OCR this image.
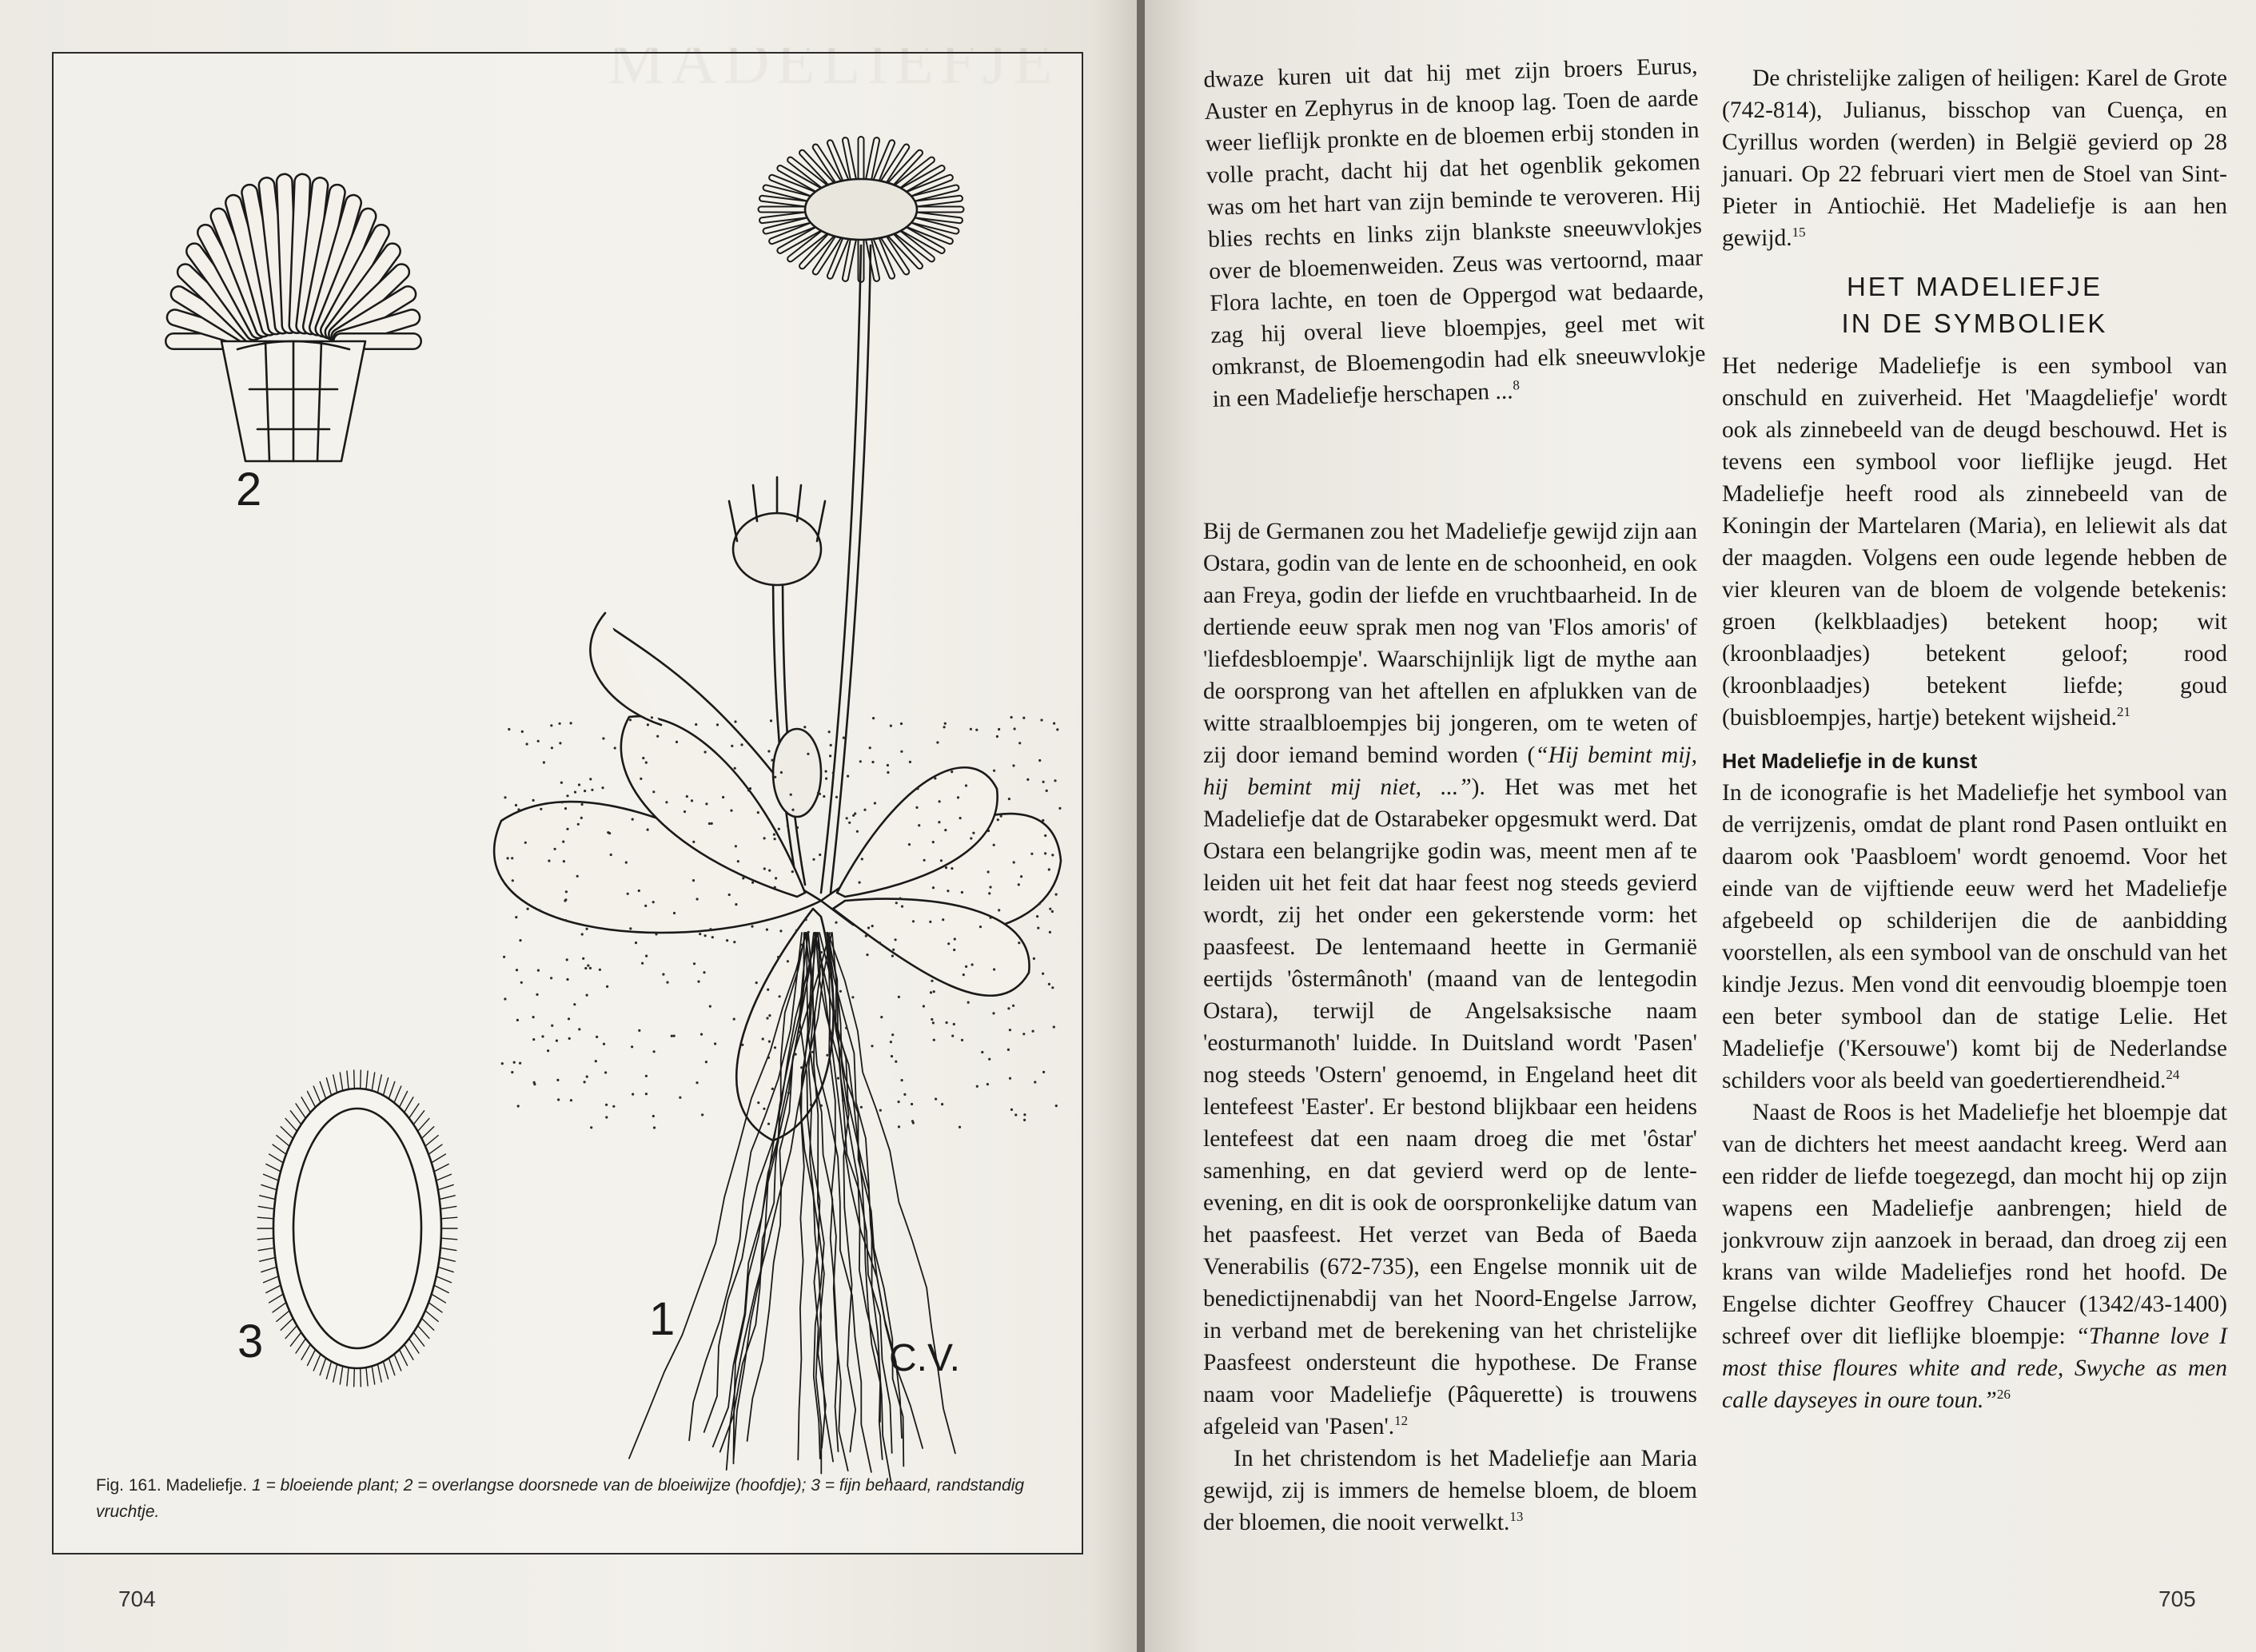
2
3	1
C.V.
Fig. 161. Madeliefje. 1 = bloeiende plant; 2 = overlangse doorsnede van de bloeiwijze (hoofdje); 3 = fijn behaard, randstandig vruchtje.
704

dwaze kuren uit dat hij met zijn broers Eurus, Auster en Zephyrus in de knoop lag. Toen de aarde weer lieflijk pronkte en de bloemen erbij stonden in volle pracht, dacht hij dat het ogenblik gekomen was om het hart van zijn beminde te veroveren. Hij blies rechts en links zijn blankste sneeuwvlokjes over de bloemenweiden. Zeus was vertoornd, maar Flora lachte, en toen de Oppergod wat bedaarde, zag hij overal lieve bloempjes, geel met wit omkranst, de Bloemengodin had elk sneeuwvlokje in een Madeliefje herschapen ...$^8$

Bij de Germanen zou het Madeliefje gewijd zijn aan Ostara, godin van de lente en de schoonheid, en ook aan Freya, godin der liefde en vruchtbaarheid. In de dertiende eeuw sprak men nog van 'Flos amoris' of 'liefdesbloempje'. Waarschijnlijk ligt de mythe aan de oorsprong van het aftellen en afplukken van de witte straalbloempjes bij jongeren, om te weten of zij door iemand bemind worden (“Hij bemint mij, hij bemint mij niet, ...”). Het was met het Madeliefje dat de Ostarabeker opgesmukt werd. Dat Ostara een belangrijke godin was, meent men af te leiden uit het feit dat haar feest nog steeds gevierd wordt, zij het onder een gekerstende vorm: het paasfeest. De lentemaand heette in Germanië eertijds 'ôstermânoth' (maand van de lentegodin Ostara), terwijl de Angelsaksische naam 'eosturmanoth' luidde. In Duitsland wordt 'Pasen' nog steeds 'Ostern' genoemd, in Engeland heet dit lentefeest 'Easter'. Er bestond blijkbaar een heidens lentefeest dat een naam droeg die met 'ôstar' samenhing, en dat gevierd werd op de lente-evening, en dit is ook de oorspronkelijke datum van het paasfeest. Het verzet van Beda of Baeda Venerabilis (672-735), een Engelse monnik uit de benedictijnenabdij van het Noord-Engelse Jarrow, in verband met de berekening van het christelijke Paasfeest ondersteunt die hypothese. De Franse naam voor Madeliefje (Pâquerette) is trouwens afgeleid van 'Pasen'.$^{12}$

In het christendom is het Madeliefje aan Maria gewijd, zij is immers de hemelse bloem, de bloem der bloemen, die nooit verwelkt.$^{13}$

De christelijke zaligen of heiligen: Karel de Grote (742-814), Julianus, bisschop van Cuença, en Cyrillus worden (werden) in België gevierd op 28 januari. Op 22 februari viert men de Stoel van Sint-Pieter in Antiochië. Het Madeliefje is aan hen gewijd.$^{15}$

HET MADELIEFJE
IN DE SYMBOLIEK

Het nederige Madeliefje is een symbool van onschuld en zuiverheid. Het 'Maagdeliefje' wordt ook als zinnebeeld van de deugd beschouwd. Het is tevens een symbool voor lieflijke jeugd. Het Madeliefje heeft rood als zinnebeeld van de Koningin der Martelaren (Maria), en leliewit als dat der maagden. Volgens een oude legende hebben de vier kleuren van de bloem de volgende betekenis: groen (kelkblaadjes) betekent hoop; wit (kroonblaadjes) betekent geloof; rood (kroonblaadjes) betekent liefde; goud (buisbloempjes, hartje) betekent wijsheid.$^{21}$

Het Madeliefje in de kunst

In de iconografie is het Madeliefje het symbool van de verrijzenis, omdat de plant rond Pasen ontluikt en daarom ook 'Paasbloem' wordt genoemd. Voor het einde van de vijftiende eeuw werd het Madeliefje afgebeeld op schilderijen die de aanbidding voorstellen, als een symbool van de onschuld van het kindje Jezus. Men vond dit eenvoudig bloempje toen een beter symbool dan de statige Lelie. Het Madeliefje ('Kersouwe') komt bij de Nederlandse schilders voor als beeld van goedertierendheid.$^{24}$

Naast de Roos is het Madeliefje het bloempje dat van de dichters het meest aandacht kreeg. Werd aan een ridder de liefde toegezegd, dan mocht hij op zijn wapens een Madeliefje aanbrengen; hield de jonkvrouw zijn aanzoek in beraad, dan droeg zij een krans van wilde Madeliefjes rond het hoofd. De Engelse dichter Geoffrey Chaucer (1342/43-1400) schreef over dit lieflijke bloempje: “Thanne love I most thise floures white and rede, Swyche as men calle dayseyes in oure toun.”$^{26}$

705
